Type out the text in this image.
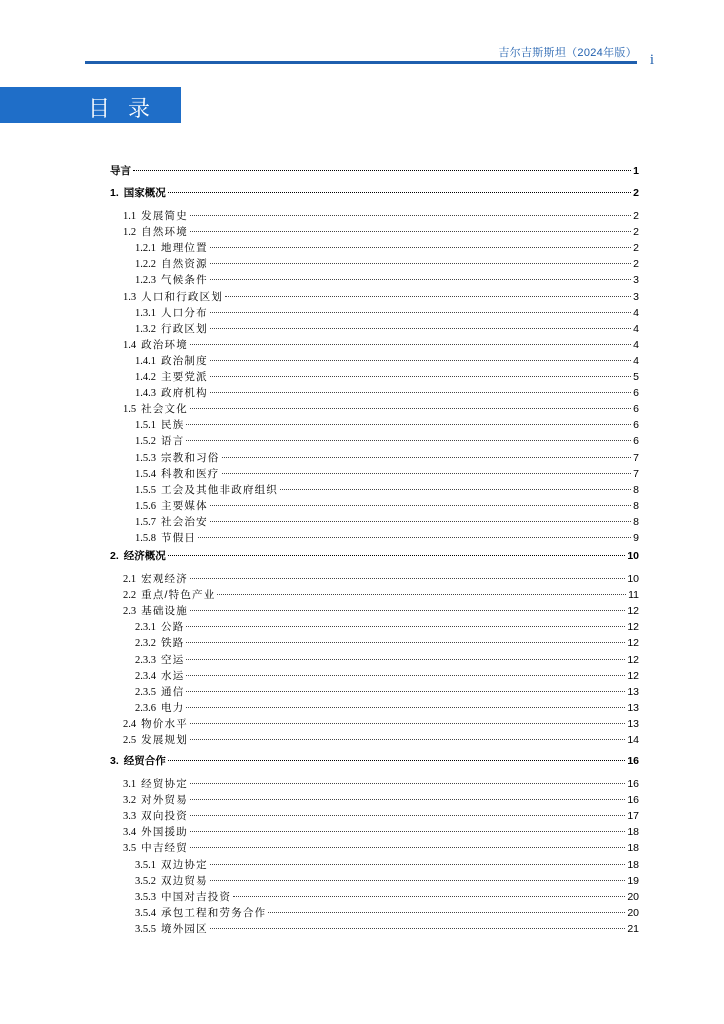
吉尔吉斯斯坦（2024年版） i
目录
导言	1
1. 国家概况	2
1.1 发展简史	2
1.2 自然环境	2
1.2.1 地理位置	2
1.2.2 自然资源	2
1.2.3 气候条件	3
1.3 人口和行政区划	3
1.3.1 人口分布	4
1.3.2 行政区划	4
1.4 政治环境	4
1.4.1 政治制度	4
1.4.2 主要党派	5
1.4.3 政府机构	6
1.5 社会文化	6
1.5.1 民族	6
1.5.2 语言	6
1.5.3 宗教和习俗	7
1.5.4 科教和医疗	7
1.5.5 工会及其他非政府组织	8
1.5.6 主要媒体	8
1.5.7 社会治安	8
1.5.8 节假日	9
2. 经济概况	10
2.1 宏观经济	10
2.2 重点/特色产业	11
2.3 基础设施	12
2.3.1 公路	12
2.3.2 铁路	12
2.3.3 空运	12
2.3.4 水运	12
2.3.5 通信	13
2.3.6 电力	13
2.4 物价水平	13
2.5 发展规划	14
3. 经贸合作	16
3.1 经贸协定	16
3.2 对外贸易	16
3.3 双向投资	17
3.4 外国援助	18
3.5 中吉经贸	18
3.5.1 双边协定	18
3.5.2 双边贸易	19
3.5.3 中国对吉投资	20
3.5.4 承包工程和劳务合作	20
3.5.5 境外园区	21
